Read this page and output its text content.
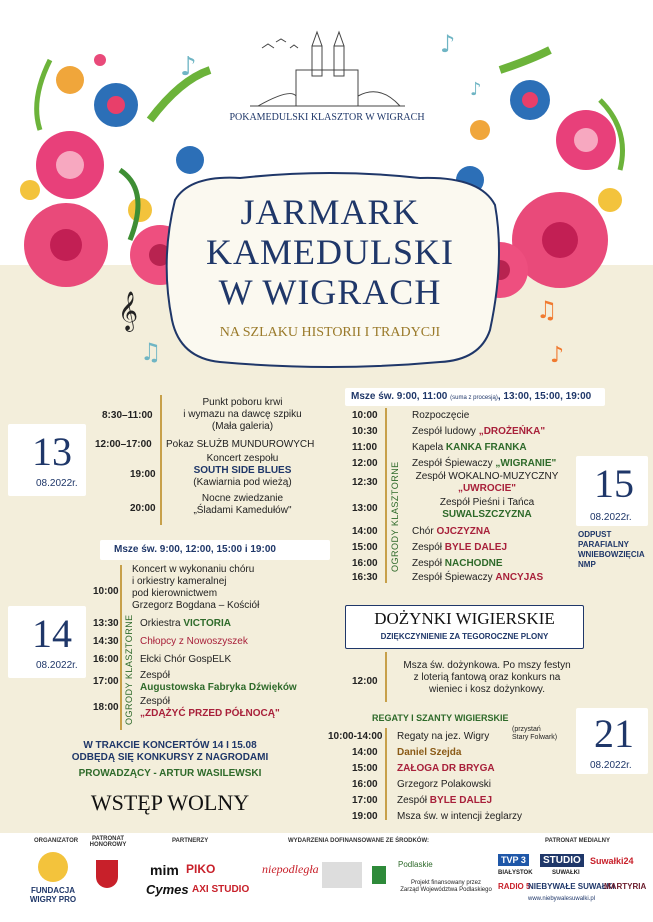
♪
♪
♫
♪
𝄞	♫
♪
POKAMEDULSKI KLASZTOR W WIGRACH
JARMARK
KAMEDULSKI
W WIGRACH
NA SZLAKU HISTORII I TRADYCJI
13
08.2022r.
8:30–11:00
Punkt poboru krwi
i wymazu na dawcę szpiku
(Mała galeria)
12:00–17:00 Pokaz SŁUŻB MUNDUROWYCH
19:00
Koncert zespołu
SOUTH SIDE BLUES
(Kawiarnia pod wieżą)
20:00
Nocne zwiedzanie
„Śladami Kamedułów"
Msze św. 9:00, 12:00, 15:00 i 19:00
14
08.2022r.
10:00
Koncert w wykonaniu chóru
i orkiestry kameralnej
pod kierownictwem
Grzegorz Bogdana – Kościół
OGRODY KLASZTORNE
13:30 Orkiestra VICTORIA
14:30 Chłopcy z Nowoszyszek
16:00 Ełcki Chór GospELK
17:00
Zespół
Augustowska Fabryka Dźwięków
18:00
Zespół
„ZDĄŻYĆ PRZED PÓŁNOCĄ"
W TRAKCIE KONCERTÓW 14 I 15.08
ODBĘDĄ SIĘ KONKURSY Z NAGRODAMI
PROWADZĄCY - ARTUR WASILEWSKI
WSTĘP WOLNY
Msze św. 9:00, 11:00 (suma z procesją), 13:00, 15:00, 19:00
OGRODY KLASZTORNE
10:00	Rozpoczęcie
10:30	Zespół ludowy „DROŻEŃKA"
11:00	Kapela KANKA FRANKA
12:00	Zespół Śpiewaczy „WIGRANIE"
12:30
Zespół WOKALNO-MUZYCZNY
„UWROCIE"
13:00
Zespół Pieśni i Tańca
SUWALSZCZYZNA
14:00	Chór OJCZYZNA
15:00	Zespół BYLE DALEJ
16:00	Zespół NACHODNE
16:30	Zespół Śpiewaczy ANCYJAS
15
08.2022r.
ODPUST
PARAFIALNY
WNIEBOWZIĘCIA
NMP
DOŻYNKI WIGIERSKIE
DZIĘKCZYNIENIE ZA TEGOROCZNE PLONY
12:00
Msza św. dożynkowa. Po mszy festyn
z loterią fantową oraz konkurs na
wieniec i kosz dożynkowy.
REGATY I SZANTY WIGIERSKIE 21
08.2022r.
10:00-14:00 Regaty na jez. Wigry
(przystań
Stary Folwark)
14:00 Daniel Szejda
15:00 ZAŁOGA DR BRYGA
16:00 Grzegorz Polakowski
17:00 Zespół BYLE DALEJ
19:00 Msza św. w intencji żeglarzy
ORGANIZATOR	PATRONAT
HONOROWY
PARTNERZY	WYDARZENIA DOFINANSOWANE ZE ŚRODKÓW:	PATRONAT MEDIALNY
FUNDACJA
WIGRY PRO
mim PIKO
Cymes AXI STUDIO
niepodległa	Podlaskie
Projekt finansowany przez
Zarząd Województwa Podlaskiego
TVP 3
BIAŁYSTOK
STUDIO
SUWAŁKI
Suwałki24
RADIO 5
NIEBYWAŁE SUWAŁKI
MARTYRIA
www.niebywalesuwalki.pl
